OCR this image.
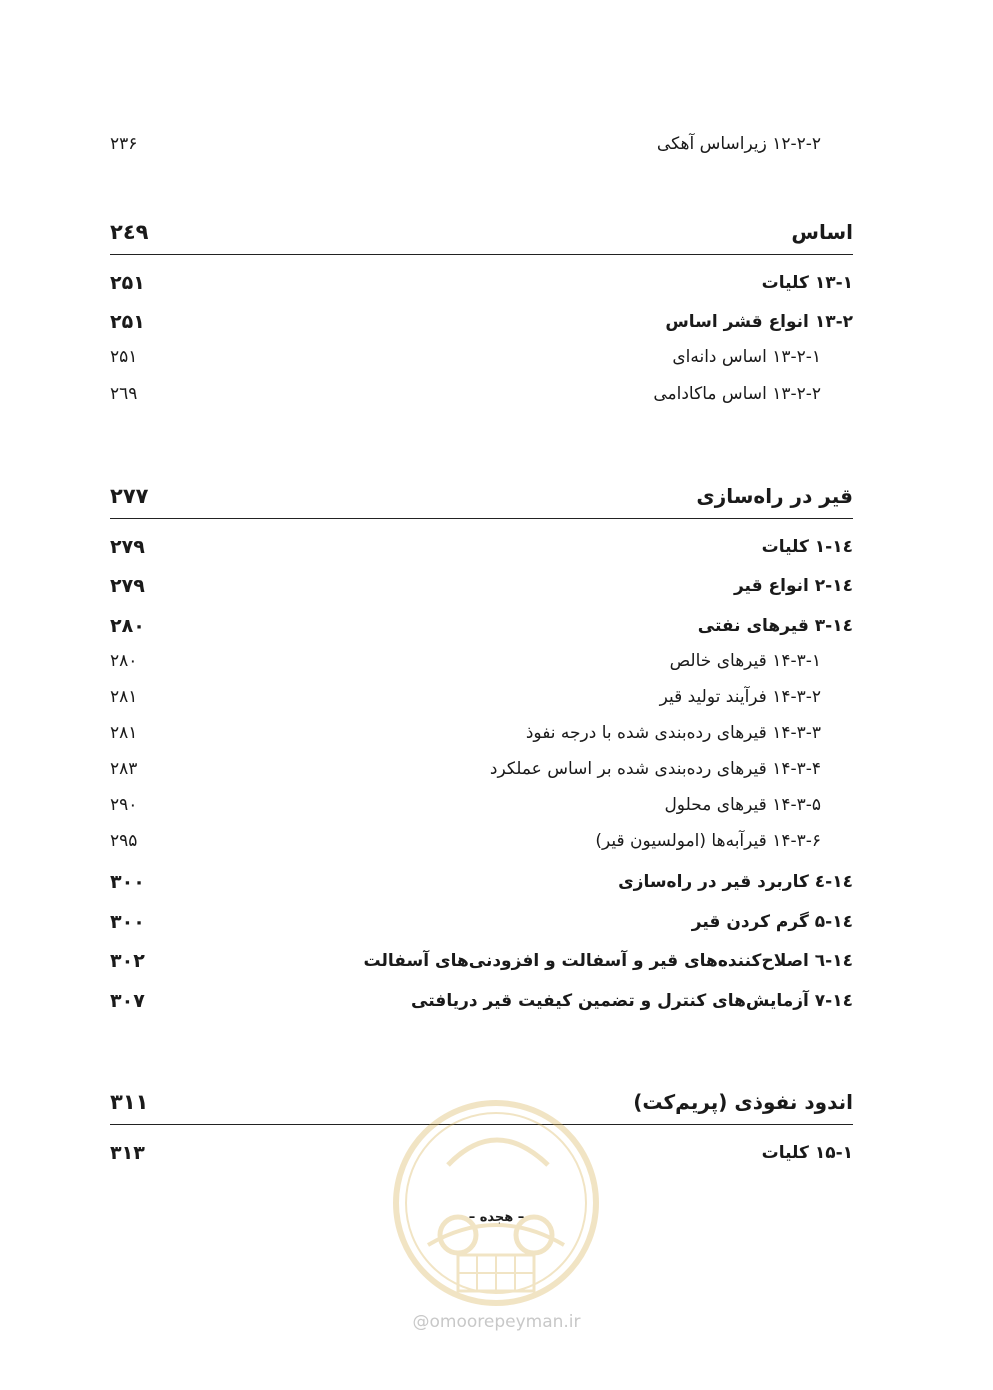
۱۲-۲-۲ زیراساس آهکی
۲۳۶
اساس
۲٤۹
۱۳-۱ کلیات
۲۵۱
۱۳-۲ انواع قشر اساس
۲۵۱
۱۳-۲-۱ اساس دانه‌ای
۲۵۱
۱۳-۲-۲ اساس ماکادامی
۲٦۹
قیر در راه‌سازی
۲۷۷
۱٤-۱ کلیات
۲۷۹
۱٤-۲ انواع قیر
۲۷۹
۱٤-۳ قیرهای نفتی
۲۸۰
۱۴-۳-۱ قیرهای خالص
۲۸۰
۱۴-۳-۲ فرآیند تولید قیر
۲۸۱
۱۴-۳-۳ قیرهای رده‌بندی شده با درجه نفوذ
۲۸۱
۱۴-۳-۴ قیرهای رده‌بندی شده بر اساس عملکرد
۲۸۳
۱۴-۳-۵ قیرهای محلول
۲۹۰
۱۴-۳-۶ قیرآبه‌ها (امولسیون قیر)
۲۹۵
۱٤-٤ کاربرد قیر در راه‌سازی
۳۰۰
۱٤-۵ گرم کردن قیر
۳۰۰
۱٤-٦ اصلاح‌کننده‌های قیر و آسفالت و افزودنی‌های آسفالت
۳۰۲
۱٤-۷ آزمایش‌های کنترل و تضمین کیفیت قیر دریافتی
۳۰۷
اندود نفوذی (پریم‌کت)
۳۱۱
۱۵-۱ کلیات
۳۱۳
– هجده –
@omoorepeyman.ir
